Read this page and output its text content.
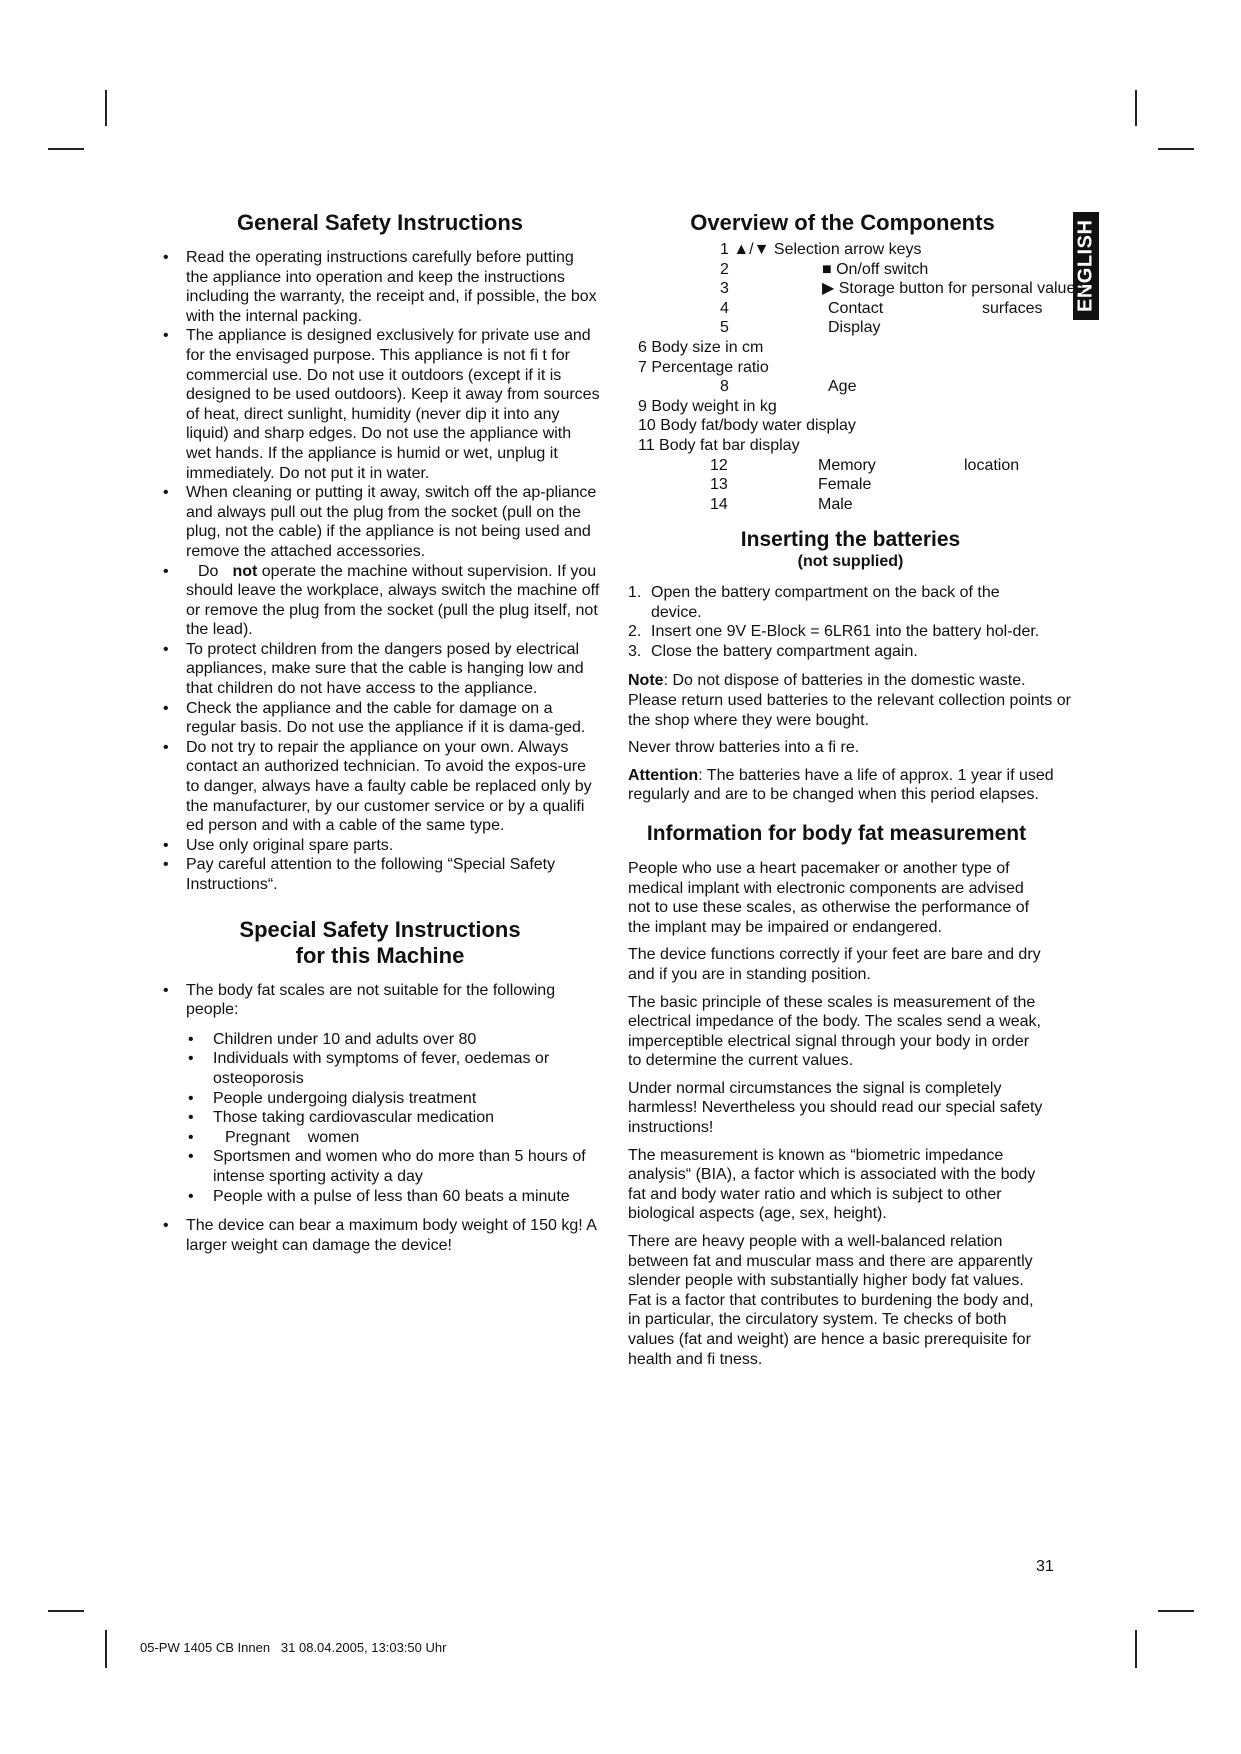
ENGLISH
General Safety Instructions
• Read the operating instructions carefully before putting the appliance into operation and keep the instructions including the warranty, the receipt and, if possible, the box with the internal packing.
• The appliance is designed exclusively for private use and for the envisaged purpose. This appliance is not fi t for commercial use. Do not use it outdoors (except if it is designed to be used outdoors). Keep it away from sources of heat, direct sunlight, humidity (never dip it into any liquid) and sharp edges. Do not use the appliance with wet hands. If the appliance is humid or wet, unplug it immediately. Do not put it in water.
• When cleaning or putting it away, switch off the ap-pliance and always pull out the plug from the socket (pull on the plug, not the cable) if the appliance is not being used and remove the attached accessories.
• Do not operate the machine without supervision. If you should leave the workplace, always switch the machine off or remove the plug from the socket (pull the plug itself, not the lead).
• To protect children from the dangers posed by electrical appliances, make sure that the cable is hanging low and that children do not have access to the appliance.
• Check the appliance and the cable for damage on a regular basis. Do not use the appliance if it is dama-ged.
• Do not try to repair the appliance on your own. Always contact an authorized technician. To avoid the expos-ure to danger, always have a faulty cable be replaced only by the manufacturer, by our customer service or by a qualifi ed person and with a cable of the same type.
• Use only original spare parts.
• Pay careful attention to the following “Special Safety Instructions“.
Special Safety Instructions
for this Machine
• The body fat scales are not suitable for the following people:
• Children under 10 and adults over 80
• Individuals with symptoms of fever, oedemas or osteoporosis
• People undergoing dialysis treatment
• Those taking cardiovascular medication
• Pregnant    women
• Sportsmen and women who do more than 5 hours of intense sporting activity a day
• People with a pulse of less than 60 beats a minute
• The device can bear a maximum body weight of 150 kg! A larger weight can damage the device!
Overview of the Components
1 ▲/▼ Selection arrow keys
2	■ On/off switch
3	▶ Storage button for personal values
4	Contact	surfaces
5	Display
6 Body size in cm
7 Percentage ratio
8	Age
9 Body weight in kg
10 Body fat/body water display
11 Body fat bar display
12	Memory	location
13	Female
14	Male
Inserting the batteries
(not supplied)
1. Open the battery compartment on the back of the device.
2. Insert one 9V E-Block = 6LR61 into the battery hol-der.
3. Close the battery compartment again.

Note: Do not dispose of batteries in the domestic waste. Please return used batteries to the relevant collection points or the shop where they were bought.

Never throw batteries into a fi re.

Attention: The batteries have a life of approx. 1 year if used regularly and are to be changed when this period elapses.

Information for body fat measurement

People who use a heart pacemaker or another type of medical implant with electronic components are advised not to use these scales, as otherwise the performance of the implant may be impaired or endangered.

The device functions correctly if your feet are bare and dry and if you are in standing position.

The basic principle of these scales is measurement of the electrical impedance of the body. The scales send a weak, imperceptible electrical signal through your body in order to determine the current values.

Under normal circumstances the signal is completely harmless! Nevertheless you should read our special safety instructions!

The measurement is known as “biometric impedance analysis“ (BIA), a factor which is associated with the body fat and body water ratio and which is subject to other biological aspects (age, sex, height).

There are heavy people with a well-balanced relation between fat and muscular mass and there are apparently slender people with substantially higher body fat values. Fat is a factor that contributes to burdening the body and, in particular, the circulatory system. Te checks of both values (fat and weight) are hence a basic prerequisite for health and fi tness.

31
05-PW 1405 CB Innen   31 08.04.2005, 13:03:50 Uhr
